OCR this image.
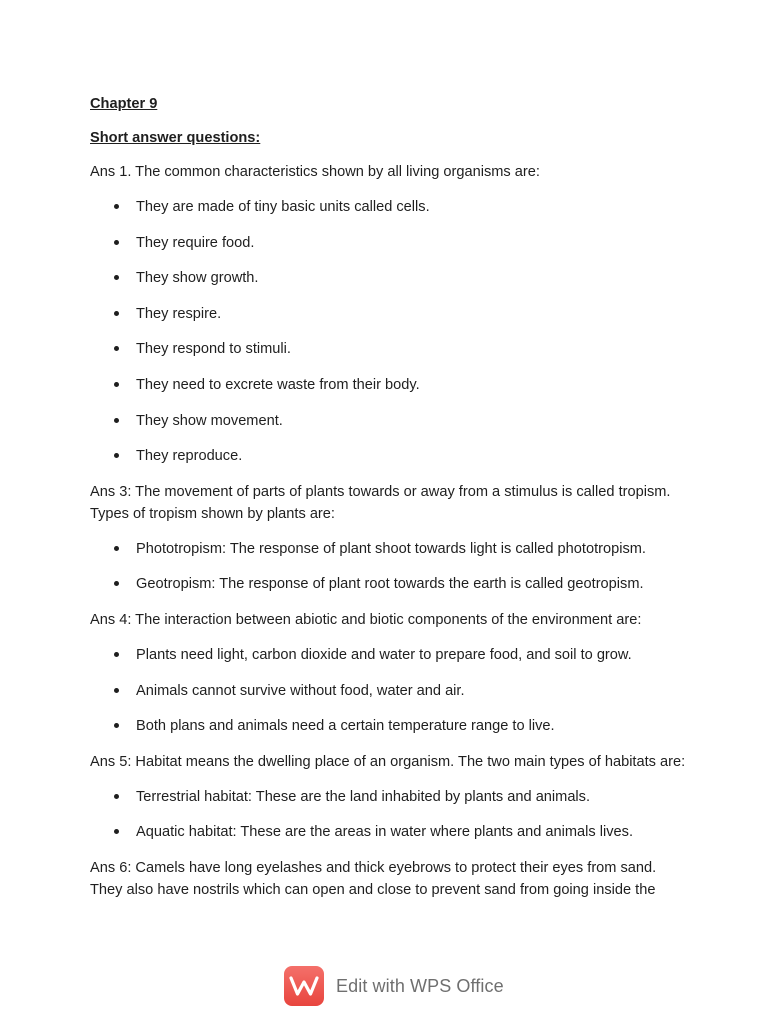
Chapter 9

Short answer questions:

Ans 1. The common characteristics shown by all living organisms are:

They are made of tiny basic units called cells.
They require food.
They show growth.
They respire.
They respond to stimuli.
They need to excrete waste from their body.
They show movement.
They reproduce.

Ans 3: The movement of parts of plants towards or away from a stimulus is called tropism. Types of tropism shown by plants are:

Phototropism: The response of plant shoot towards light is called phototropism.
Geotropism: The response of plant root towards the earth is called geotropism.

Ans 4: The interaction between abiotic and biotic components of the environment are:

Plants need light, carbon dioxide and water to prepare food, and soil to grow.
Animals cannot survive without food, water and air.
Both plans and animals need a certain temperature range to live.

Ans 5: Habitat means the dwelling place of an organism. The two main types of habitats are:

Terrestrial habitat: These are the land inhabited by plants and animals.
Aquatic habitat: These are the areas in water where plants and animals lives.

Ans 6: Camels have long eyelashes and thick eyebrows to protect their eyes from sand. They also have nostrils which can open and close to prevent sand from going inside the

Edit with WPS Office
